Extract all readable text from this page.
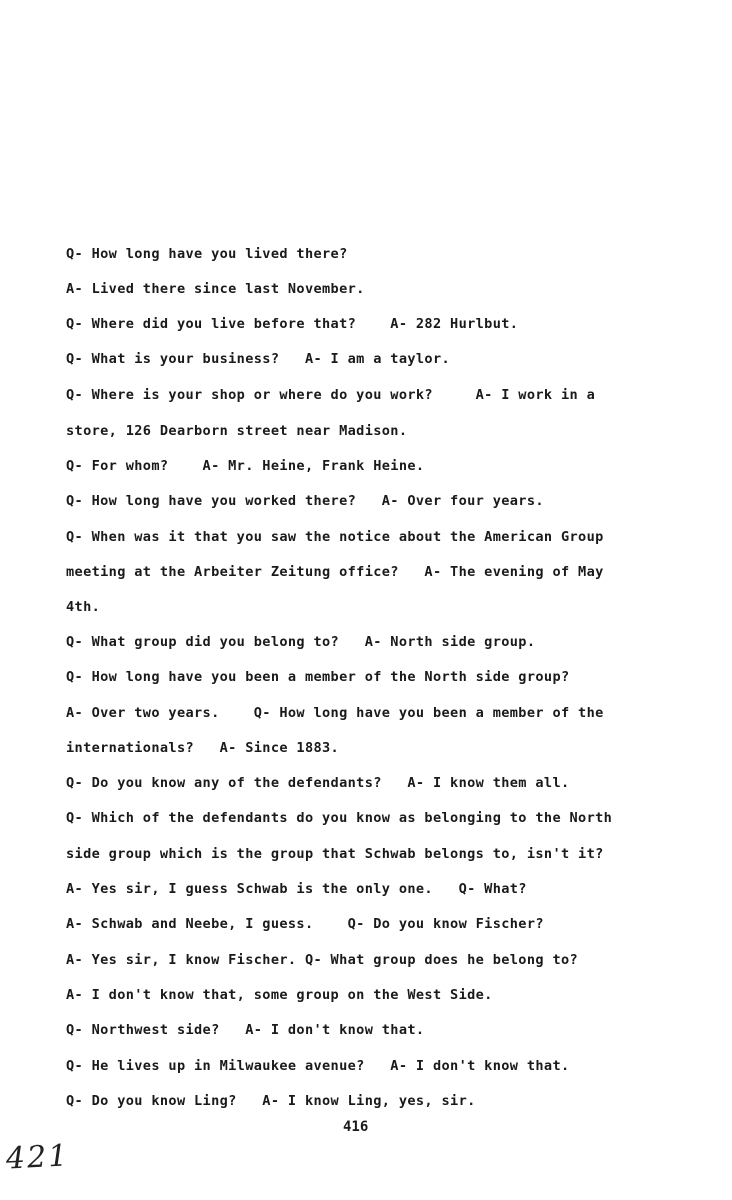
Q- How long have you lived there?
A- Lived there since last November.
Q- Where did you live before that?    A- 282 Hurlbut.
Q- What is your business?   A- I am a taylor.
Q- Where is your shop or where do you work?     A- I work in a
store, 126 Dearborn street near Madison.
Q- For whom?    A- Mr. Heine, Frank Heine.
Q- How long have you worked there?   A- Over four years.
Q- When was it that you saw the notice about the American Group
meeting at the Arbeiter Zeitung office?   A- The evening of May
4th.
Q- What group did you belong to?   A- North side group.
Q- How long have you been a member of the North side group?
A- Over two years.    Q- How long have you been a member of the
internationals?   A- Since 1883.
Q- Do you know any of the defendants?   A- I know them all.
Q- Which of the defendants do you know as belonging to the North
side group which is the group that Schwab belongs to, isn't it?
A- Yes sir, I guess Schwab is the only one.   Q- What?
A- Schwab and Neebe, I guess.    Q- Do you know Fischer?
A- Yes sir, I know Fischer. Q- What group does he belong to?
A- I don't know that, some group on the West Side.
Q- Northwest side?   A- I don't know that.
Q- He lives up in Milwaukee avenue?   A- I don't know that.
Q- Do you know Ling?   A- I know Ling, yes, sir.
416
421
